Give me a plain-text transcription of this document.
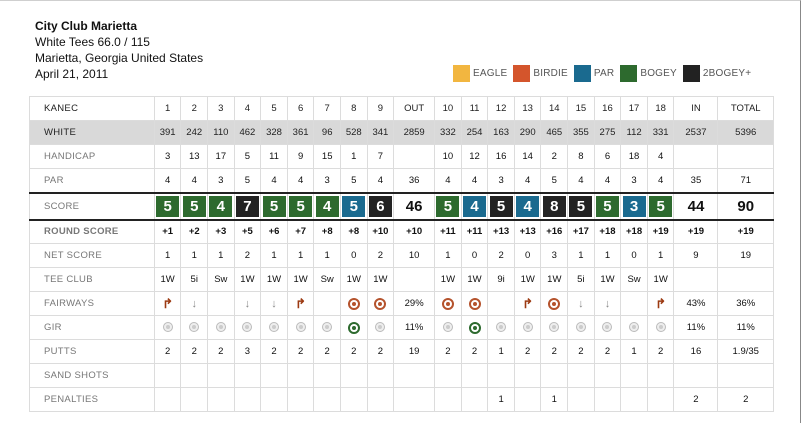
City Club Marietta
White Tees 66.0 / 115
Marietta, Georgia United States
April 21, 2011	EAGLE	BIRDIE	PAR	BOGEY	2BOGEY+
KANEC	1	2	3	4	5	6	7	8	9	OUT	10	11	12	13	14	15	16	17	18	IN	TOTAL
WHITE	391	242	110	462	328	361	96	528	341	2859	332	254	163	290	465	355	275	112	331	2537	5396
HANDICAP	3	13	17	5	11	9	15	1	7		10	12	16	14	2	8	6	18	4		
PAR	4	4	3	5	4	4	3	5	4	36	4	4	3	4	5	4	4	3	4	35	71
SCORE	5	5	4	7	5	5	4	5	6	46	5	4	5	4	8	5	5	3	5	44	90
ROUND SCORE	+1	+2	+3	+5	+6	+7	+8	+8	+10	+10	+11	+11	+13	+13	+16	+17	+18	+18	+19	+19	+19
NET SCORE	1	1	1	2	1	1	1	0	2	10	1	0	2	0	3	1	1	0	1	9	19
TEE CLUB	1W	5i	Sw	1W	1W	1W	Sw	1W	1W		1W	1W	9i	1W	1W	5i	1W	Sw	1W		
FAIRWAYS	↱	↓		↓	↓	↱				29%				↱		↓	↓		↱	43%	36%
GIR										11%										11%	11%
PUTTS	2	2	2	3	2	2	2	2	2	19	2	2	1	2	2	2	2	1	2	16	1.9/35
SAND SHOTS																					
PENALTIES													1		1					2	2
